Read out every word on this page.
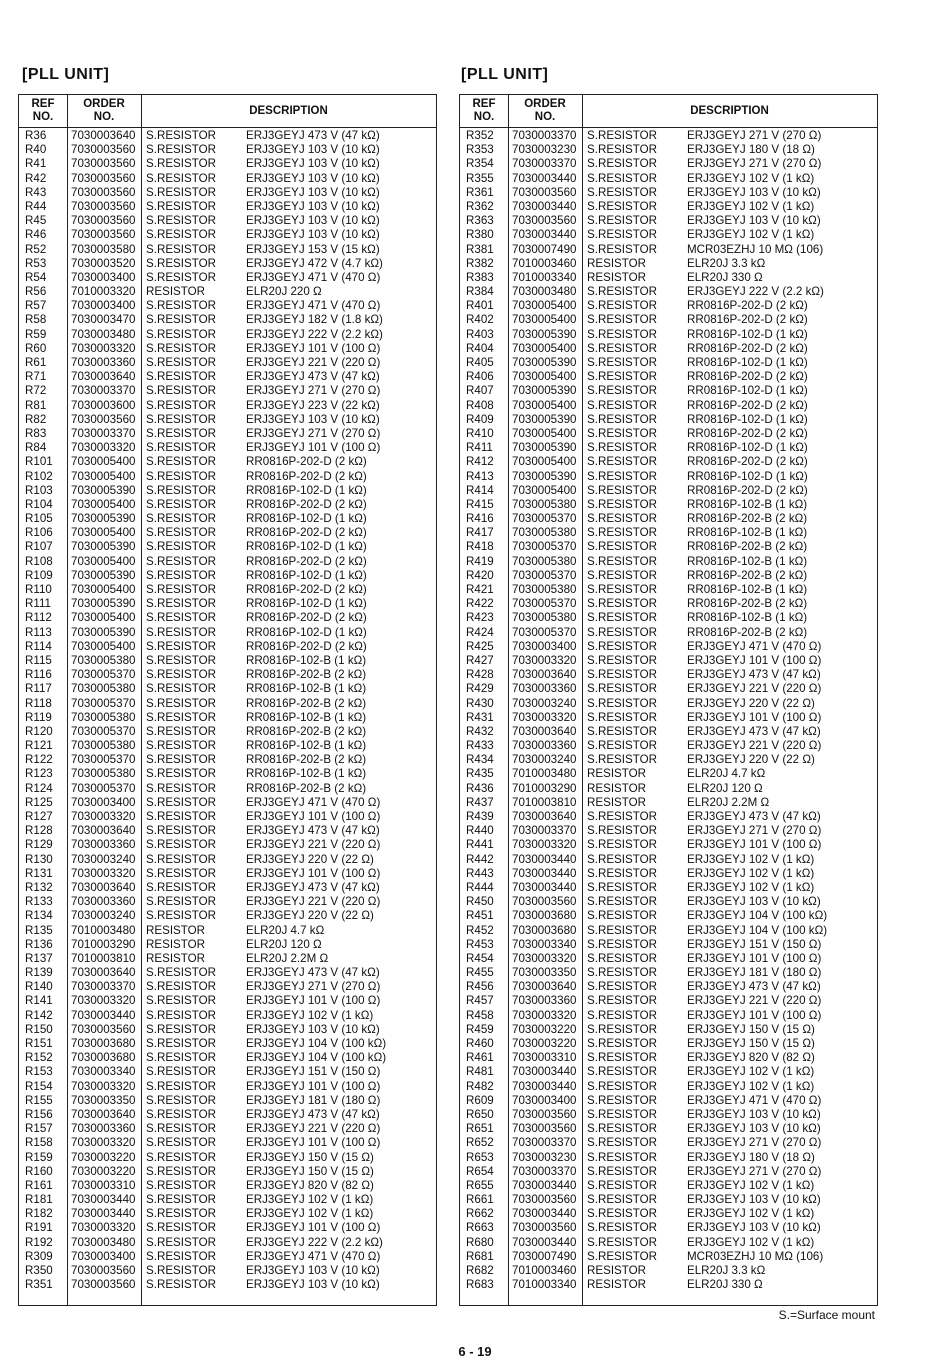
[PLL UNIT]	[PLL UNIT]
REF
NO.
ORDER
NO.
DESCRIPTION
R36 7030003640 S.RESISTOR	ERJ3GEYJ 473 V (47 kΩ)
R40 7030003560 S.RESISTOR	ERJ3GEYJ 103 V (10 kΩ)
R41 7030003560 S.RESISTOR	ERJ3GEYJ 103 V (10 kΩ)
R42 7030003560 S.RESISTOR	ERJ3GEYJ 103 V (10 kΩ)
R43 7030003560 S.RESISTOR	ERJ3GEYJ 103 V (10 kΩ)
R44 7030003560 S.RESISTOR	ERJ3GEYJ 103 V (10 kΩ)
R45 7030003560 S.RESISTOR	ERJ3GEYJ 103 V (10 kΩ)
R46 7030003560 S.RESISTOR	ERJ3GEYJ 103 V (10 kΩ)
R52 7030003580 S.RESISTOR	ERJ3GEYJ 153 V (15 kΩ)
R53 7030003520 S.RESISTOR	ERJ3GEYJ 472 V (4.7 kΩ)
R54 7030003400 S.RESISTOR	ERJ3GEYJ 471 V (470 Ω)
R56 7010003320 RESISTOR	ELR20J 220 Ω
R57 7030003400 S.RESISTOR	ERJ3GEYJ 471 V (470 Ω)
R58 7030003470 S.RESISTOR	ERJ3GEYJ 182 V (1.8 kΩ)
R59 7030003480 S.RESISTOR	ERJ3GEYJ 222 V (2.2 kΩ)
R60 7030003320 S.RESISTOR	ERJ3GEYJ 101 V (100 Ω)
R61 7030003360 S.RESISTOR	ERJ3GEYJ 221 V (220 Ω)
R71 7030003640 S.RESISTOR	ERJ3GEYJ 473 V (47 kΩ)
R72 7030003370 S.RESISTOR	ERJ3GEYJ 271 V (270 Ω)
R81 7030003600 S.RESISTOR	ERJ3GEYJ 223 V (22 kΩ)
R82 7030003560 S.RESISTOR	ERJ3GEYJ 103 V (10 kΩ)
R83 7030003370 S.RESISTOR	ERJ3GEYJ 271 V (270 Ω)
R84 7030003320 S.RESISTOR	ERJ3GEYJ 101 V (100 Ω)
R101 7030005400 S.RESISTOR	RR0816P-202-D (2 kΩ)
R102 7030005400 S.RESISTOR	RR0816P-202-D (2 kΩ)
R103 7030005390 S.RESISTOR	RR0816P-102-D (1 kΩ)
R104 7030005400 S.RESISTOR	RR0816P-202-D (2 kΩ)
R105 7030005390 S.RESISTOR	RR0816P-102-D (1 kΩ)
R106 7030005400 S.RESISTOR	RR0816P-202-D (2 kΩ)
R107 7030005390 S.RESISTOR	RR0816P-102-D (1 kΩ)
R108 7030005400 S.RESISTOR	RR0816P-202-D (2 kΩ)
R109 7030005390 S.RESISTOR	RR0816P-102-D (1 kΩ)
R110 7030005400 S.RESISTOR	RR0816P-202-D (2 kΩ)
R111 7030005390 S.RESISTOR	RR0816P-102-D (1 kΩ)
R112 7030005400 S.RESISTOR	RR0816P-202-D (2 kΩ)
R113 7030005390 S.RESISTOR	RR0816P-102-D (1 kΩ)
R114 7030005400 S.RESISTOR	RR0816P-202-D (2 kΩ)
R115 7030005380 S.RESISTOR	RR0816P-102-B (1 kΩ)
R116 7030005370 S.RESISTOR	RR0816P-202-B (2 kΩ)
R117 7030005380 S.RESISTOR	RR0816P-102-B (1 kΩ)
R118 7030005370 S.RESISTOR	RR0816P-202-B (2 kΩ)
R119 7030005380 S.RESISTOR	RR0816P-102-B (1 kΩ)
R120 7030005370 S.RESISTOR	RR0816P-202-B (2 kΩ)
R121 7030005380 S.RESISTOR	RR0816P-102-B (1 kΩ)
R122 7030005370 S.RESISTOR	RR0816P-202-B (2 kΩ)
R123 7030005380 S.RESISTOR	RR0816P-102-B (1 kΩ)
R124 7030005370 S.RESISTOR	RR0816P-202-B (2 kΩ)
R125 7030003400 S.RESISTOR	ERJ3GEYJ 471 V (470 Ω)
R127 7030003320 S.RESISTOR	ERJ3GEYJ 101 V (100 Ω)
R128 7030003640 S.RESISTOR	ERJ3GEYJ 473 V (47 kΩ)
R129 7030003360 S.RESISTOR	ERJ3GEYJ 221 V (220 Ω)
R130 7030003240 S.RESISTOR	ERJ3GEYJ 220 V (22 Ω)
R131 7030003320 S.RESISTOR	ERJ3GEYJ 101 V (100 Ω)
R132 7030003640 S.RESISTOR	ERJ3GEYJ 473 V (47 kΩ)
R133 7030003360 S.RESISTOR	ERJ3GEYJ 221 V (220 Ω)
R134 7030003240 S.RESISTOR	ERJ3GEYJ 220 V (22 Ω)
R135 7010003480 RESISTOR	ELR20J 4.7 kΩ
R136 7010003290 RESISTOR	ELR20J 120 Ω
R137 7010003810 RESISTOR	ELR20J 2.2M Ω
R139 7030003640 S.RESISTOR	ERJ3GEYJ 473 V (47 kΩ)
R140 7030003370 S.RESISTOR	ERJ3GEYJ 271 V (270 Ω)
R141 7030003320 S.RESISTOR	ERJ3GEYJ 101 V (100 Ω)
R142 7030003440 S.RESISTOR	ERJ3GEYJ 102 V (1 kΩ)
R150 7030003560 S.RESISTOR	ERJ3GEYJ 103 V (10 kΩ)
R151 7030003680 S.RESISTOR	ERJ3GEYJ 104 V (100 kΩ)
R152 7030003680 S.RESISTOR	ERJ3GEYJ 104 V (100 kΩ)
R153 7030003340 S.RESISTOR	ERJ3GEYJ 151 V (150 Ω)
R154 7030003320 S.RESISTOR	ERJ3GEYJ 101 V (100 Ω)
R155 7030003350 S.RESISTOR	ERJ3GEYJ 181 V (180 Ω)
R156 7030003640 S.RESISTOR	ERJ3GEYJ 473 V (47 kΩ)
R157 7030003360 S.RESISTOR	ERJ3GEYJ 221 V (220 Ω)
R158 7030003320 S.RESISTOR	ERJ3GEYJ 101 V (100 Ω)
R159 7030003220 S.RESISTOR	ERJ3GEYJ 150 V (15 Ω)
R160 7030003220 S.RESISTOR	ERJ3GEYJ 150 V (15 Ω)
R161 7030003310 S.RESISTOR	ERJ3GEYJ 820 V (82 Ω)
R181 7030003440 S.RESISTOR	ERJ3GEYJ 102 V (1 kΩ)
R182 7030003440 S.RESISTOR	ERJ3GEYJ 102 V (1 kΩ)
R191 7030003320 S.RESISTOR	ERJ3GEYJ 101 V (100 Ω)
R192 7030003480 S.RESISTOR	ERJ3GEYJ 222 V (2.2 kΩ)
R309 7030003400 S.RESISTOR	ERJ3GEYJ 471 V (470 Ω)
R350 7030003560 S.RESISTOR	ERJ3GEYJ 103 V (10 kΩ)
R351 7030003560 S.RESISTOR	ERJ3GEYJ 103 V (10 kΩ)
REF
NO.
ORDER
NO.
DESCRIPTION
R352 7030003370 S.RESISTOR	ERJ3GEYJ 271 V (270 Ω)
R353 7030003230 S.RESISTOR	ERJ3GEYJ 180 V (18 Ω)
R354 7030003370 S.RESISTOR	ERJ3GEYJ 271 V (270 Ω)
R355 7030003440 S.RESISTOR	ERJ3GEYJ 102 V (1 kΩ)
R361 7030003560 S.RESISTOR	ERJ3GEYJ 103 V (10 kΩ)
R362 7030003440 S.RESISTOR	ERJ3GEYJ 102 V (1 kΩ)
R363 7030003560 S.RESISTOR	ERJ3GEYJ 103 V (10 kΩ)
R380 7030003440 S.RESISTOR	ERJ3GEYJ 102 V (1 kΩ)
R381 7030007490 S.RESISTOR	MCR03EZHJ 10 MΩ (106)
R382 7010003460 RESISTOR	ELR20J 3.3 kΩ
R383 7010003340 RESISTOR	ELR20J 330 Ω
R384 7030003480 S.RESISTOR	ERJ3GEYJ 222 V (2.2 kΩ)
R401 7030005400 S.RESISTOR	RR0816P-202-D (2 kΩ)
R402 7030005400 S.RESISTOR	RR0816P-202-D (2 kΩ)
R403 7030005390 S.RESISTOR	RR0816P-102-D (1 kΩ)
R404 7030005400 S.RESISTOR	RR0816P-202-D (2 kΩ)
R405 7030005390 S.RESISTOR	RR0816P-102-D (1 kΩ)
R406 7030005400 S.RESISTOR	RR0816P-202-D (2 kΩ)
R407 7030005390 S.RESISTOR	RR0816P-102-D (1 kΩ)
R408 7030005400 S.RESISTOR	RR0816P-202-D (2 kΩ)
R409 7030005390 S.RESISTOR	RR0816P-102-D (1 kΩ)
R410 7030005400 S.RESISTOR	RR0816P-202-D (2 kΩ)
R411 7030005390 S.RESISTOR	RR0816P-102-D (1 kΩ)
R412 7030005400 S.RESISTOR	RR0816P-202-D (2 kΩ)
R413 7030005390 S.RESISTOR	RR0816P-102-D (1 kΩ)
R414 7030005400 S.RESISTOR	RR0816P-202-D (2 kΩ)
R415 7030005380 S.RESISTOR	RR0816P-102-B (1 kΩ)
R416 7030005370 S.RESISTOR	RR0816P-202-B (2 kΩ)
R417 7030005380 S.RESISTOR	RR0816P-102-B (1 kΩ)
R418 7030005370 S.RESISTOR	RR0816P-202-B (2 kΩ)
R419 7030005380 S.RESISTOR	RR0816P-102-B (1 kΩ)
R420 7030005370 S.RESISTOR	RR0816P-202-B (2 kΩ)
R421 7030005380 S.RESISTOR	RR0816P-102-B (1 kΩ)
R422 7030005370 S.RESISTOR	RR0816P-202-B (2 kΩ)
R423 7030005380 S.RESISTOR	RR0816P-102-B (1 kΩ)
R424 7030005370 S.RESISTOR	RR0816P-202-B (2 kΩ)
R425 7030003400 S.RESISTOR	ERJ3GEYJ 471 V (470 Ω)
R427 7030003320 S.RESISTOR	ERJ3GEYJ 101 V (100 Ω)
R428 7030003640 S.RESISTOR	ERJ3GEYJ 473 V (47 kΩ)
R429 7030003360 S.RESISTOR	ERJ3GEYJ 221 V (220 Ω)
R430 7030003240 S.RESISTOR	ERJ3GEYJ 220 V (22 Ω)
R431 7030003320 S.RESISTOR	ERJ3GEYJ 101 V (100 Ω)
R432 7030003640 S.RESISTOR	ERJ3GEYJ 473 V (47 kΩ)
R433 7030003360 S.RESISTOR	ERJ3GEYJ 221 V (220 Ω)
R434 7030003240 S.RESISTOR	ERJ3GEYJ 220 V (22 Ω)
R435 7010003480 RESISTOR	ELR20J 4.7 kΩ
R436 7010003290 RESISTOR	ELR20J 120 Ω
R437 7010003810 RESISTOR	ELR20J 2.2M Ω
R439 7030003640 S.RESISTOR	ERJ3GEYJ 473 V (47 kΩ)
R440 7030003370 S.RESISTOR	ERJ3GEYJ 271 V (270 Ω)
R441 7030003320 S.RESISTOR	ERJ3GEYJ 101 V (100 Ω)
R442 7030003440 S.RESISTOR	ERJ3GEYJ 102 V (1 kΩ)
R443 7030003440 S.RESISTOR	ERJ3GEYJ 102 V (1 kΩ)
R444 7030003440 S.RESISTOR	ERJ3GEYJ 102 V (1 kΩ)
R450 7030003560 S.RESISTOR	ERJ3GEYJ 103 V (10 kΩ)
R451 7030003680 S.RESISTOR	ERJ3GEYJ 104 V (100 kΩ)
R452 7030003680 S.RESISTOR	ERJ3GEYJ 104 V (100 kΩ)
R453 7030003340 S.RESISTOR	ERJ3GEYJ 151 V (150 Ω)
R454 7030003320 S.RESISTOR	ERJ3GEYJ 101 V (100 Ω)
R455 7030003350 S.RESISTOR	ERJ3GEYJ 181 V (180 Ω)
R456 7030003640 S.RESISTOR	ERJ3GEYJ 473 V (47 kΩ)
R457 7030003360 S.RESISTOR	ERJ3GEYJ 221 V (220 Ω)
R458 7030003320 S.RESISTOR	ERJ3GEYJ 101 V (100 Ω)
R459 7030003220 S.RESISTOR	ERJ3GEYJ 150 V (15 Ω)
R460 7030003220 S.RESISTOR	ERJ3GEYJ 150 V (15 Ω)
R461 7030003310 S.RESISTOR	ERJ3GEYJ 820 V (82 Ω)
R481 7030003440 S.RESISTOR	ERJ3GEYJ 102 V (1 kΩ)
R482 7030003440 S.RESISTOR	ERJ3GEYJ 102 V (1 kΩ)
R609 7030003400 S.RESISTOR	ERJ3GEYJ 471 V (470 Ω)
R650 7030003560 S.RESISTOR	ERJ3GEYJ 103 V (10 kΩ)
R651 7030003560 S.RESISTOR	ERJ3GEYJ 103 V (10 kΩ)
R652 7030003370 S.RESISTOR	ERJ3GEYJ 271 V (270 Ω)
R653 7030003230 S.RESISTOR	ERJ3GEYJ 180 V (18 Ω)
R654 7030003370 S.RESISTOR	ERJ3GEYJ 271 V (270 Ω)
R655 7030003440 S.RESISTOR	ERJ3GEYJ 102 V (1 kΩ)
R661 7030003560 S.RESISTOR	ERJ3GEYJ 103 V (10 kΩ)
R662 7030003440 S.RESISTOR	ERJ3GEYJ 102 V (1 kΩ)
R663 7030003560 S.RESISTOR	ERJ3GEYJ 103 V (10 kΩ)
R680 7030003440 S.RESISTOR	ERJ3GEYJ 102 V (1 kΩ)
R681 7030007490 S.RESISTOR	MCR03EZHJ 10 MΩ (106)
R682 7010003460 RESISTOR	ELR20J 3.3 kΩ
R683 7010003340 RESISTOR	ELR20J 330 Ω
S.=Surface mount
6 - 19
